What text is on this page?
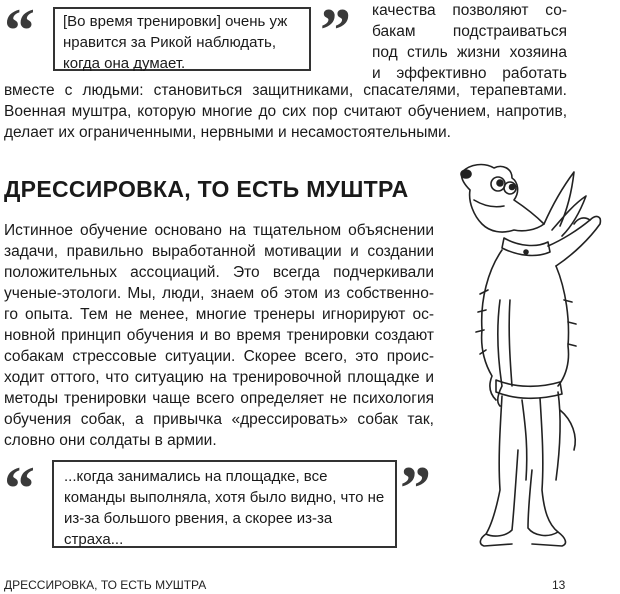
“	[Во время тренировки] очень уж нравится за Рикой наблюдать, когда она думает.	” качества позволяют со-

бакам подстраиваться

под стиль жизни хозяина

и эффективно работать

вместе с людьми: становиться защитниками, спасателями, терапевтами.

Военная муштра, которую многие до сих пор считают обучением, напротив,

делает их ограниченными, нервными и несамостоятельными.

ДРЕССИРОВКА, ТО ЕСТЬ МУШТРА

Истинное обучение основано на тщательном объяснении

задачи, правильно выработанной мотивации и создании

положительных ассоциаций. Это всегда подчеркивали

ученые-этологи. Мы, люди, знаем об этом из собственно-

го опыта. Тем не менее, многие тренеры игнорируют ос-

новной принцип обучения и во время тренировки создают

собакам стрессовые ситуации. Скорее всего, это проис-

ходит оттого, что ситуацию на тренировочной площадке и

методы тренировки чаще всего определяет не психология

обучения собак, а привычка «дрессировать» собак так,

словно они солдаты в армии.

“	...когда занимались на площадке, все команды выполняла, хотя было видно, что не из-за большого рвения, а скорее из-за страха...
”
ДРЕССИРОВКА, ТО ЕСТЬ МУШТРА	13
